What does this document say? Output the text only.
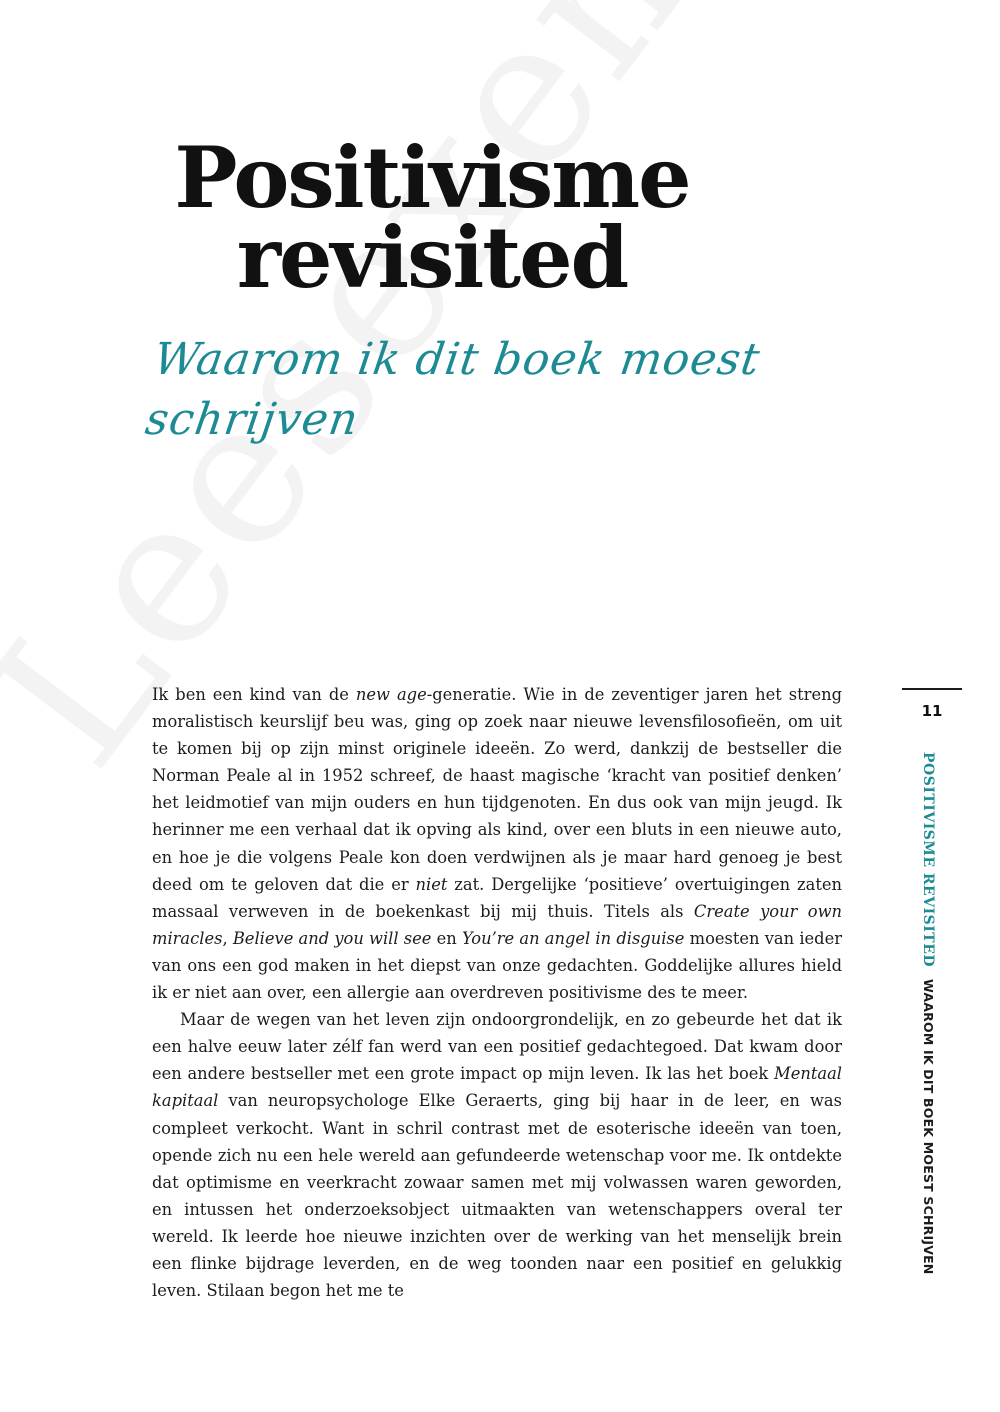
Positivisme
revisited
Waarom ik dit boek moest schrijven

Ik ben een kind van de new age-generatie. Wie in de zeventiger jaren het streng moralistisch keurslijf beu was, ging op zoek naar nieuwe levensfilosofieën, om uit te komen bij op zijn minst originele ideeën. Zo werd, dankzij de bestseller die Norman Peale al in 1952 schreef, de haast magische ‘kracht van positief denken’ het leidmotief van mijn ouders en hun tijdgenoten. En dus ook van mijn jeugd. Ik herinner me een verhaal dat ik opving als kind, over een bluts in een nieuwe auto, en hoe je die volgens Peale kon doen verdwijnen als je maar hard genoeg je best deed om te geloven dat die er niet zat. Dergelijke ‘positieve’ overtuigingen zaten massaal verweven in de boekenkast bij mij thuis. Titels als Create your own miracles, Believe and you will see en You’re an angel in disguise moesten van ieder van ons een god maken in het diepst van onze gedachten. Goddelijke allures hield ik er niet aan over, een allergie aan overdreven positivisme des te meer.

Maar de wegen van het leven zijn ondoorgrondelijk, en zo gebeurde het dat ik een halve eeuw later zélf fan werd van een positief gedachtegoed. Dat kwam door een andere bestseller met een grote impact op mijn leven. Ik las het boek Mentaal kapitaal van neuropsychologe Elke Geraerts, ging bij haar in de leer, en was compleet verkocht. Want in schril contrast met de esoterische ideeën van toen, opende zich nu een hele wereld aan gefundeerde wetenschap voor me. Ik ontdekte dat optimisme en veerkracht zowaar samen met mij volwassen waren geworden, en intussen het onderzoeksobject uitmaakten van wetenschappers overal ter wereld. Ik leerde hoe nieuwe inzichten over de werking van het menselijk brein een flinke bijdrage leverden, en de weg toonden naar een positief en gelukkig leven. Stilaan begon het me te

11
POSITIVISME REVISITED WAAROM IK DIT BOEK MOEST SCHRIJVEN
